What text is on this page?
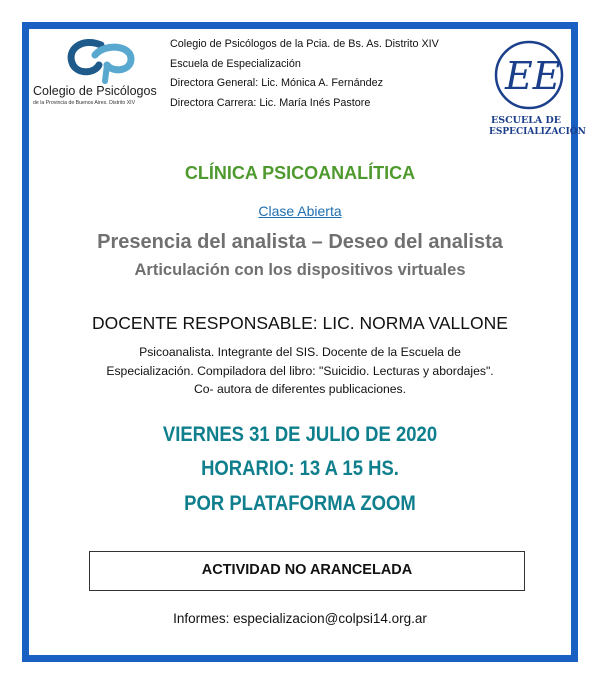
Colegio de Psicólogos
de la Provincia de Buenos Aires. Distrito XIV
Colegio de Psicólogos de la Pcia. de Bs. As. Distrito XIV
Escuela de Especialización
Directora General: Lic. Mónica A. Fernández
Directora Carrera: Lic. María Inés Pastore
EE
ESCUELA DE
ESPECIALIZACIÓN
CLÍNICA PSICOANALÍTICA
Clase Abierta
Presencia del analista – Deseo del analista
Articulación con los dispositivos virtuales
DOCENTE RESPONSABLE: LIC. NORMA VALLONE
Psicoanalista. Integrante del SIS. Docente de la Escuela de
Especialización. Compiladora del libro: "Suicidio. Lecturas y abordajes".
Co- autora de diferentes publicaciones.
VIERNES 31 DE JULIO DE 2020
HORARIO: 13 A 15 HS.
POR PLATAFORMA ZOOM
ACTIVIDAD NO ARANCELADA
Informes: especializacion@colpsi14.org.ar
